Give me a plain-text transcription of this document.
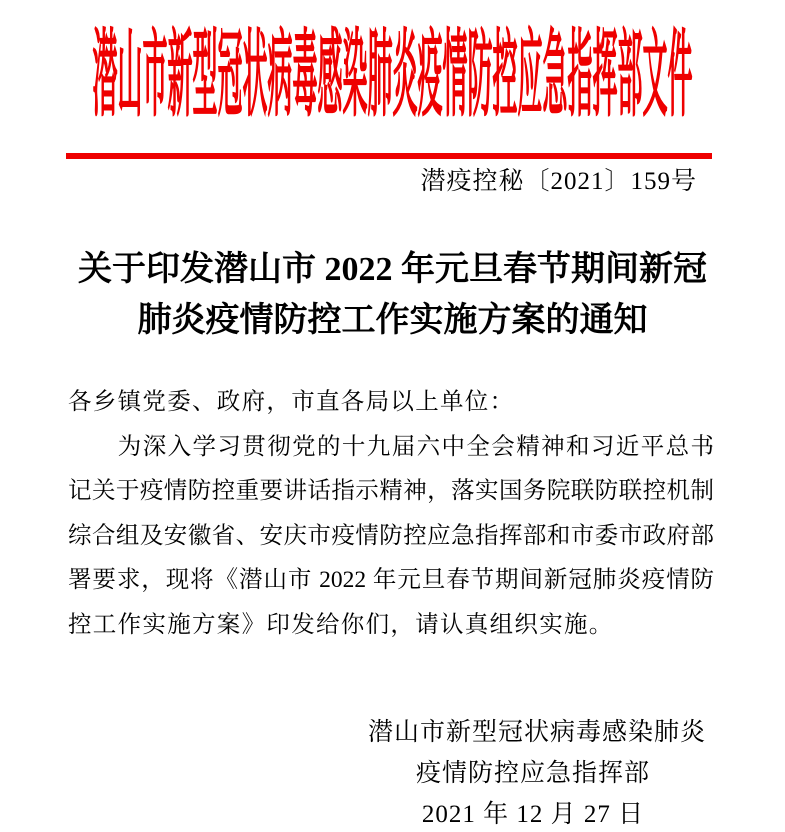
潜山市新型冠状病毒感染肺炎疫情防控应急指挥部文件
潜疫控秘〔2021〕159号
关于印发潜山市 2022 年元旦春节期间新冠
肺炎疫情防控工作实施方案的通知
各乡镇党委、政府，市直各局以上单位：
　　为深入学习贯彻党的十九届六中全会精神和习近平总书
记关于疫情防控重要讲话指示精神，落实国务院联防联控机制
综合组及安徽省、安庆市疫情防控应急指挥部和市委市政府部
署要求，现将《潜山市 2022 年元旦春节期间新冠肺炎疫情防
控工作实施方案》印发给你们，请认真组织实施。
潜山市新型冠状病毒感染肺炎
疫情防控应急指挥部
2021 年 12 月 27 日
